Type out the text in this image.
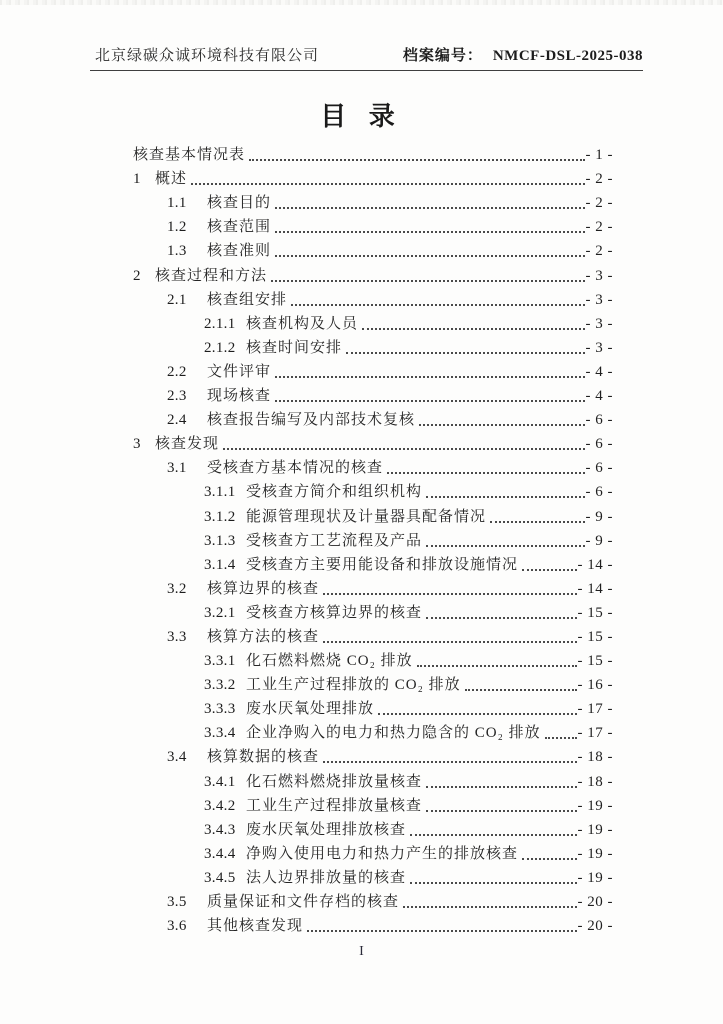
北京绿碳众诚环境科技有限公司	档案编号： NMCF-DSL-2025-038
目 录
核查基本情况表	- 1 -
1 概述	- 2 -
1.1	核查目的	- 2 -
1.2	核查范围	- 2 -
1.3	核查准则	- 2 -
2 核查过程和方法	- 3 -
2.1	核查组安排	- 3 -
2.1.1 核查机构及人员	- 3 -
2.1.2 核查时间安排	- 3 -
2.2	文件评审	- 4 -
2.3	现场核查	- 4 -
2.4	核查报告编写及内部技术复核	- 6 -
3 核查发现	- 6 -
3.1	受核查方基本情况的核查	- 6 -
3.1.1 受核查方简介和组织机构	- 6 -
3.1.2 能源管理现状及计量器具配备情况	- 9 -
3.1.3 受核查方工艺流程及产品	- 9 -
3.1.4 受核查方主要用能设备和排放设施情况	- 14 -
3.2	核算边界的核查	- 14 -
3.2.1 受核查方核算边界的核查	- 15 -
3.3	核算方法的核查	- 15 -
3.3.1 化石燃料燃烧 CO₂ 排放	- 15 -
3.3.2 工业生产过程排放的 CO₂ 排放	- 16 -
3.3.3 废水厌氧处理排放	- 17 -
3.3.4 企业净购入的电力和热力隐含的 CO₂ 排放 - 17 -
3.4	核算数据的核查	- 18 -
3.4.1 化石燃料燃烧排放量核查	- 18 -
3.4.2 工业生产过程排放量核查	- 19 -
3.4.3 废水厌氧处理排放核查	- 19 -
3.4.4 净购入使用电力和热力产生的排放核查	- 19 -
3.4.5 法人边界排放量的核查	- 19 -
3.5	质量保证和文件存档的核查	- 20 -
3.6	其他核查发现	- 20 -
I
